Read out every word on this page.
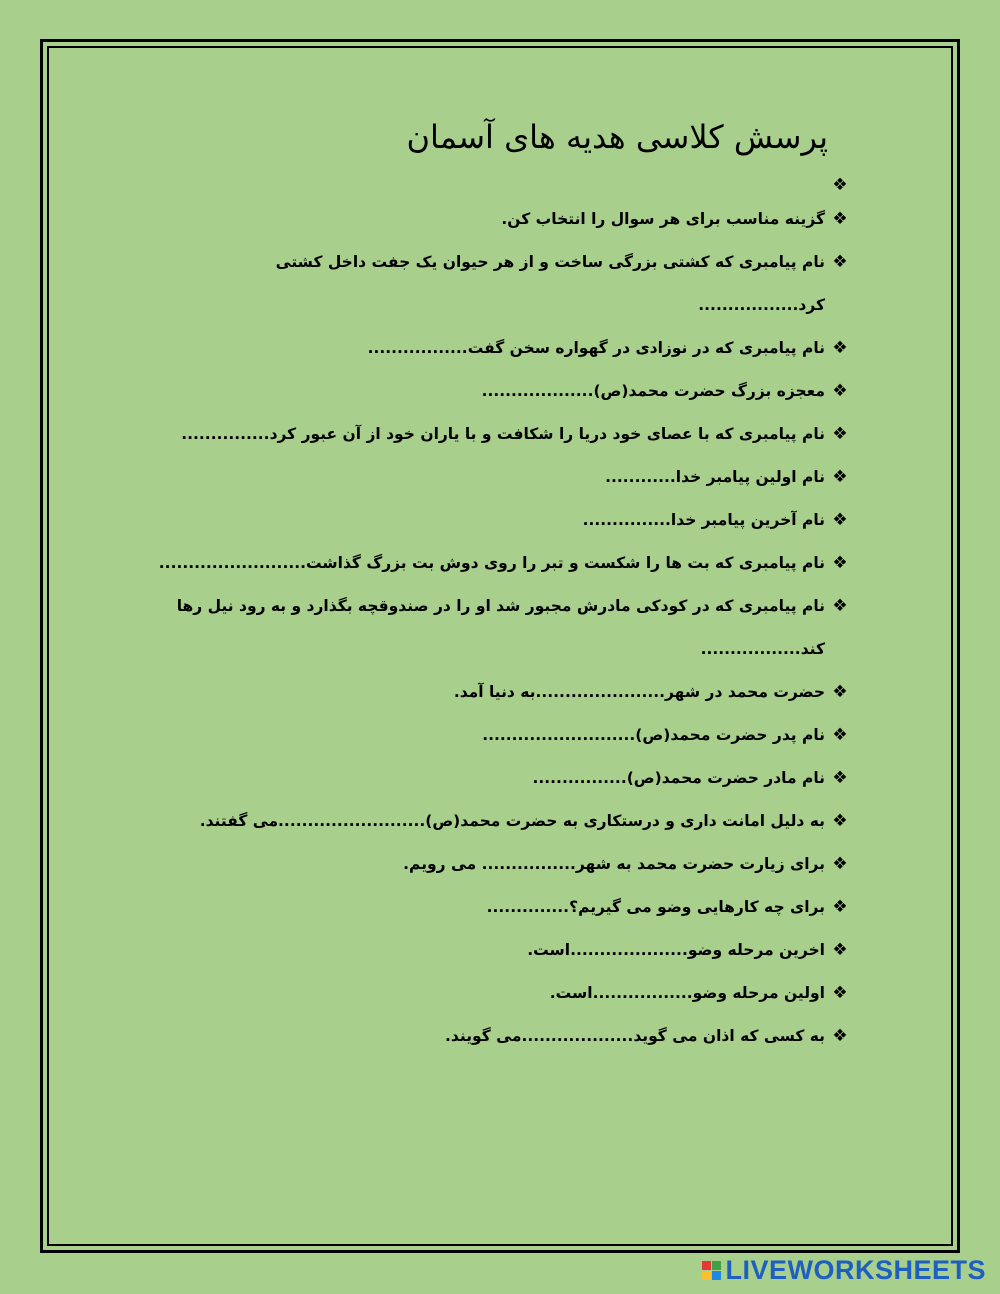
پرسش کلاسی هدیه های آسمان
❖
❖
گزینه مناسب برای هر سوال را انتخاب کن.
❖
نام پیامبری که کشتی بزرگی ساخت و از هر حیوان یک جفت داخل کشتی کرد.................
❖
نام پیامبری که در نوزادی در گهواره سخن گفت.................
❖
معجزه بزرگ حضرت محمد(ص)...................
❖
نام پیامبری که با عصای خود دریا را شکافت و با یاران خود از آن عبور کرد...............
❖
نام اولین پیامبر خدا............
❖
نام آخرین پیامبر خدا...............
❖
نام پیامبری که بت ها را شکست و تبر را روی دوش بت بزرگ گذاشت.........................
❖
نام پیامبری که در کودکی مادرش مجبور شد او را در صندوقچه بگذارد و به رود نیل رها کند.................
❖
حضرت محمد در شهر......................به دنیا آمد.
❖
نام پدر حضرت محمد(ص)..........................
❖
نام مادر حضرت محمد(ص)................
❖
به دلیل امانت داری و درستکاری به حضرت محمد(ص).........................می گفتند.
❖
برای زیارت حضرت محمد به شهر................ می رویم.
❖
برای چه کارهایی وضو می گیریم؟..............
❖
اخرین مرحله وضو....................است.
❖
اولین مرحله وضو.................است.
❖
به کسی که اذان می گوید...................می گویند.
LIVEWORKSHEETS
